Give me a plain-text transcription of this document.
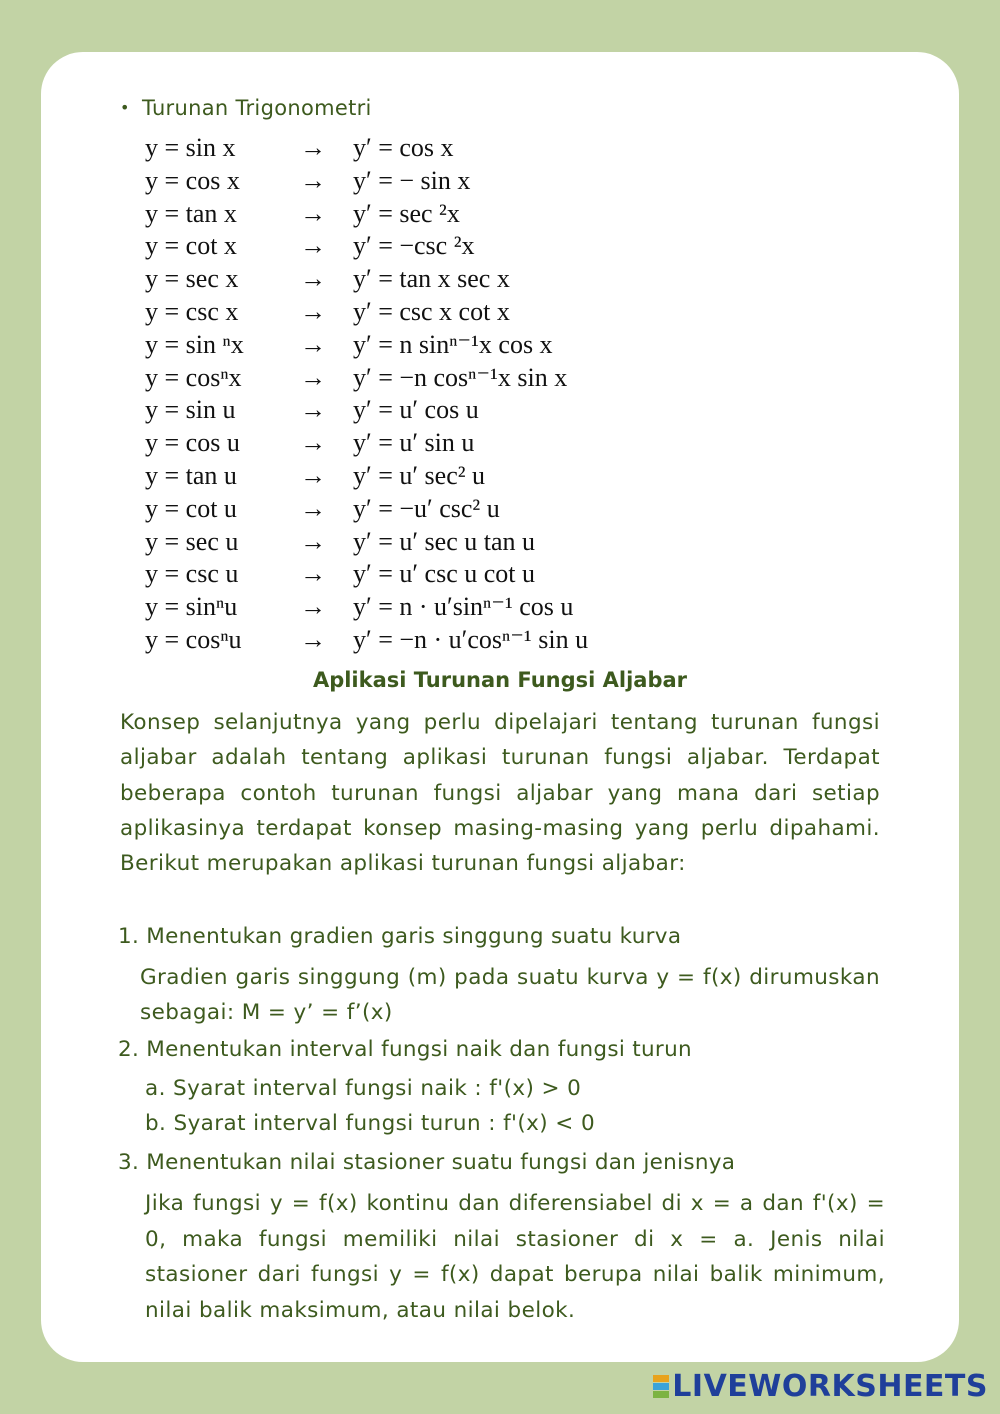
• Turunan Trigonometri
y = sin x → y′ = cos x
y = cos x → y′ = − sin x
y = tan x → y′ = sec ²x
y = cot x → y′ = −csc ²x
y = sec x → y′ = tan x sec x
y = csc x → y′ = csc x cot x
y = sin ⁿx → y′ = n sinⁿ⁻¹x cos x
y = cosⁿx → y′ = −n cosⁿ⁻¹x sin x
y = sin u → y′ = u′ cos u
y = cos u → y′ = u′ sin u
y = tan u → y′ = u′ sec² u
y = cot u → y′ = −u′ csc² u
y = sec u → y′ = u′ sec u tan u
y = csc u → y′ = u′ csc u cot u
y = sinⁿu → y′ = n · u′sinⁿ⁻¹ cos u
y = cosⁿu → y′ = −n · u′cosⁿ⁻¹ sin u
Aplikasi Turunan Fungsi Aljabar

Konsep selanjutnya yang perlu dipelajari tentang turunan fungsi aljabar adalah tentang aplikasi turunan fungsi aljabar. Terdapat beberapa contoh turunan fungsi aljabar yang mana dari setiap aplikasinya terdapat konsep masing-masing yang perlu dipahami. Berikut merupakan aplikasi turunan fungsi aljabar:

1. Menentukan gradien garis singgung suatu kurva

Gradien garis singgung (m) pada suatu kurva y = f(x) dirumuskan sebagai: M = y’ = f’(x)

2. Menentukan interval fungsi naik dan fungsi turun
a. Syarat interval fungsi naik : f'(x) > 0
b. Syarat interval fungsi turun : f'(x) < 0
3. Menentukan nilai stasioner suatu fungsi dan jenisnya

Jika fungsi y = f(x) kontinu dan diferensiabel di x = a dan f'(x) = 0, maka fungsi memiliki nilai stasioner di x = a. Jenis nilai stasioner dari fungsi y = f(x) dapat berupa nilai balik minimum, nilai balik maksimum, atau nilai belok.

LIVEWORKSHEETS
